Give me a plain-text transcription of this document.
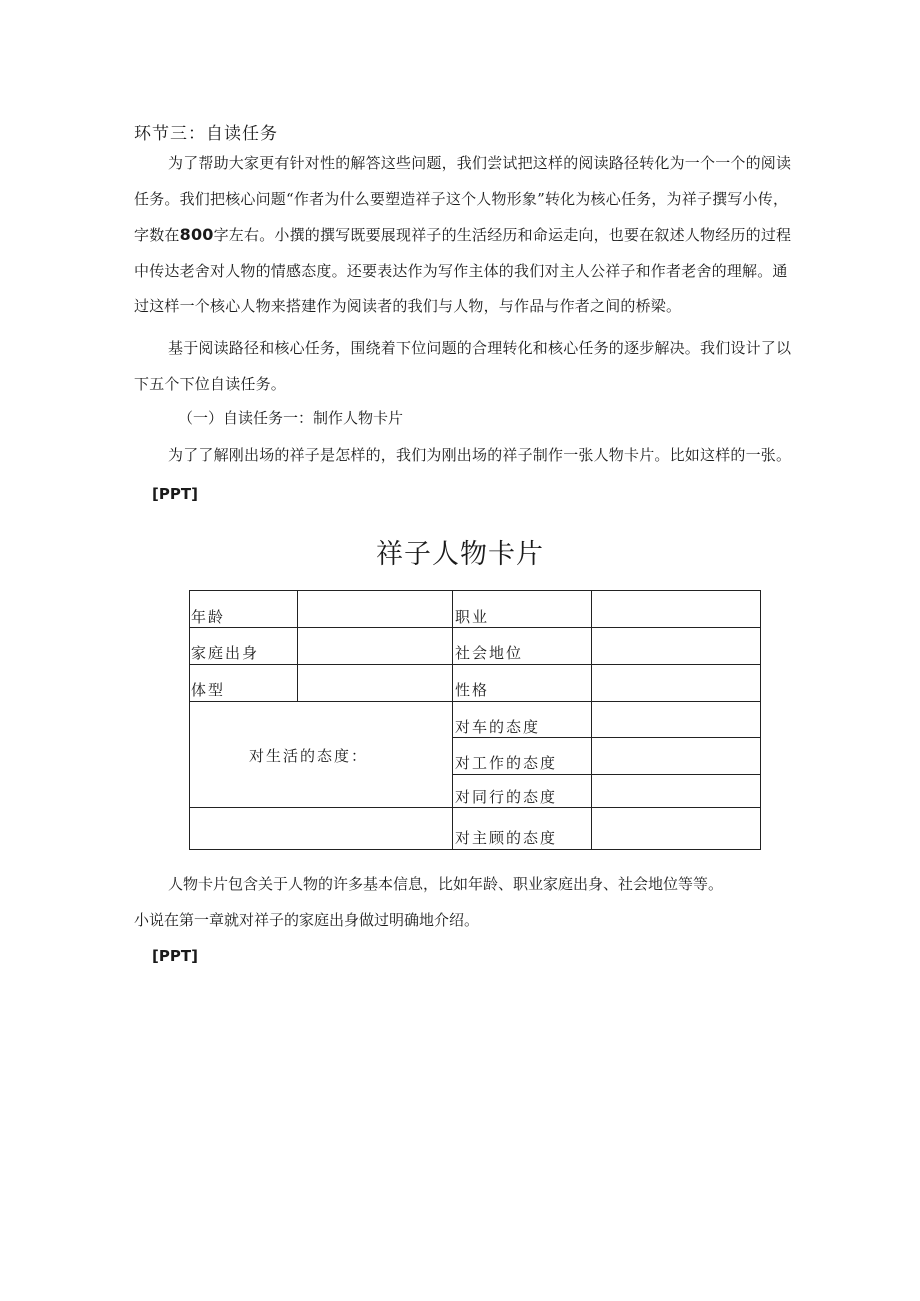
环节三：自读任务

为了帮助大家更有针对性的解答这些问题，我们尝试把这样的阅读路径转化为一个一个的阅读任务。我们把核心问题“作者为什么要塑造祥子这个人物形象”转化为核心任务，为祥子撰写小传，字数在800字左右。小撰的撰写既要展现祥子的生活经历和命运走向，也要在叙述人物经历的过程中传达老舍对人物的情感态度。还要表达作为写作主体的我们对主人公祥子和作者老舍的理解。通过这样一个核心人物来搭建作为阅读者的我们与人物，与作品与作者之间的桥梁。

基于阅读路径和核心任务，围绕着下位问题的合理转化和核心任务的逐步解决。我们设计了以下五个下位自读任务。

（一）自读任务一：制作人物卡片

为了了解刚出场的祥子是怎样的，我们为刚出场的祥子制作一张人物卡片。比如这样的一张。

[PPT]
祥子人物卡片
年龄	职业
家庭出身	社会地位
体型	性格
对生活的态度：
对车的态度
对工作的态度
对同行的态度
对主顾的态度
人物卡片包含关于人物的许多基本信息，比如年龄、职业家庭出身、社会地位等等。
小说在第一章就对祥子的家庭出身做过明确地介绍。
[PPT]
